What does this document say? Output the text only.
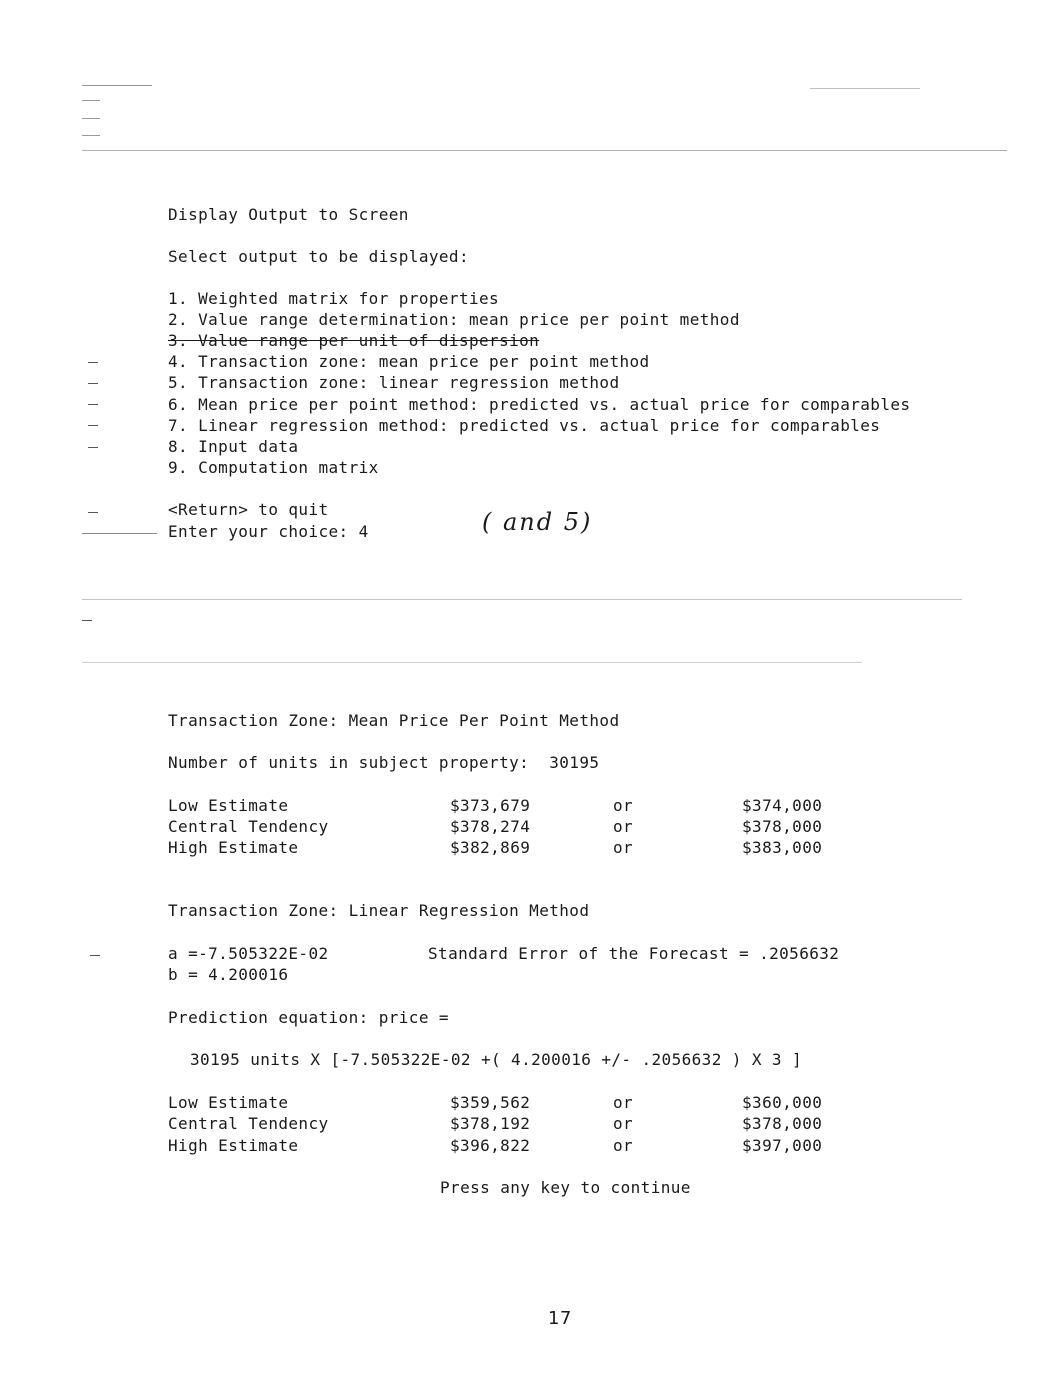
Display Output to Screen
Select output to be displayed:
1. Weighted matrix for properties
2. Value range determination: mean price per point method
3. Value range per unit of dispersion
4. Transaction zone: mean price per point method
5. Transaction zone: linear regression method
6. Mean price per point method: predicted vs. actual price for comparables
7. Linear regression method: predicted vs. actual price for comparables
8. Input data
9. Computation matrix
<Return> to quit
Enter your choice: 4	( and 5)
Transaction Zone: Mean Price Per Point Method
Number of units in subject property:  30195
Low Estimate	$373,679	or	$374,000
Central Tendency	$378,274	or	$378,000
High Estimate	$382,869	or	$383,000
Transaction Zone: Linear Regression Method
a =-7.505322E-02	Standard Error of the Forecast = .2056632
b = 4.200016
Prediction equation: price =
30195 units X [-7.505322E-02 +( 4.200016 +/- .2056632 ) X 3 ]
Low Estimate	$359,562	or	$360,000
Central Tendency	$378,192	or	$378,000
High Estimate	$396,822	or	$397,000
Press any key to continue
17
